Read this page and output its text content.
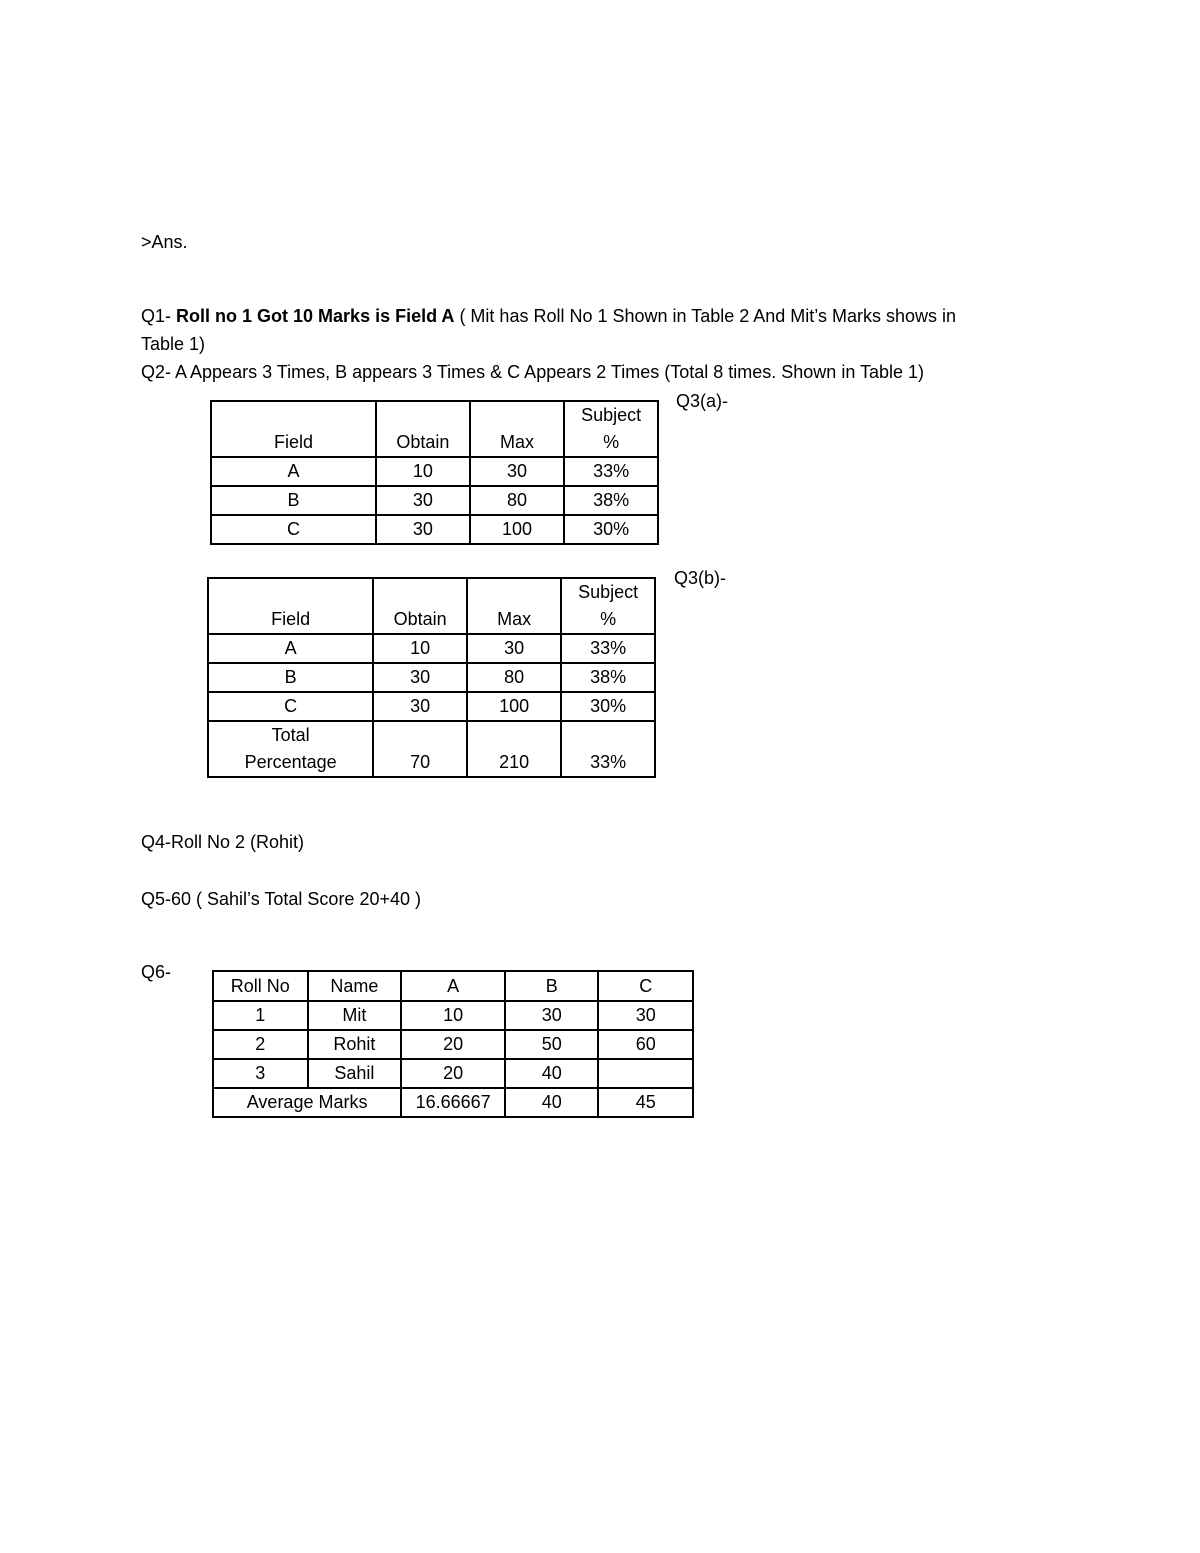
>Ans.
Q1- Roll no 1 Got 10 Marks is Field A ( Mit has Roll No 1 Shown in Table 2 And Mit’s Marks shows in
Table 1)
Q2- A Appears 3 Times, B appears 3 Times & C Appears 2 Times (Total 8 times. Shown in Table 1)
Field	Obtain	Max	Subject
%

A	10	30	33%
B	30	80	38%
C	30	100	30%
Q3(a)-
Field	Obtain	Max	Subject
%

A	10	30	33%
B	30	80	38%
C	30	100	30%

Total
Percentage	70	210	33%
Q3(b)-
Q4-Roll No 2 (Rohit)
Q5-60 ( Sahil’s Total Score 20+40 )
Q6-
Roll No	Name	A	B	C
1	Mit	10	30	30
2	Rohit	20	50	60
3	Sahil	20	40	
Average Marks		16.66667	40	45
